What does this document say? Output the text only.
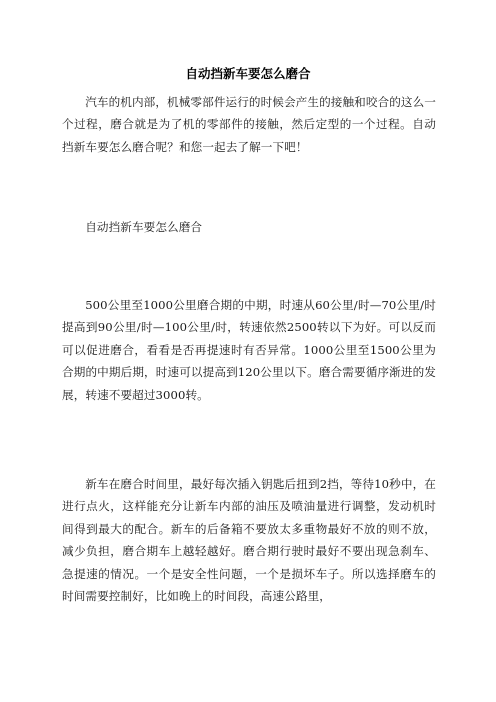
自动挡新车要怎么磨合

汽车的机内部，机械零部件运行的时候会产生的接触和咬合的这么一个过程，磨合就是为了机的零部件的接触，然后定型的一个过程。自动挡新车要怎么磨合呢？和您一起去了解一下吧！

自动挡新车要怎么磨合

500公里至1000公里磨合期的中期，时速从60公里/时—70公里/时提高到90公里/时—100公里/时，转速依然2500转以下为好。可以反而可以促进磨合，看看是否再提速时有否异常。1000公里至1500公里为合期的中期后期，时速可以提高到120公里以下。磨合需要循序渐进的发展，转速不要超过3000转。

新车在磨合时间里，最好每次插入钥匙后扭到2挡，等待10秒中，在进行点火，这样能充分让新车内部的油压及喷油量进行调整，发动机时间得到最大的配合。新车的后备箱不要放太多重物最好不放的则不放，减少负担，磨合期车上越轻越好。磨合期行驶时最好不要出现急刹车、急提速的情况。一个是安全性问题，一个是损坏车子。所以选择磨车的时间需要控制好，比如晚上的时间段，高速公路里，
